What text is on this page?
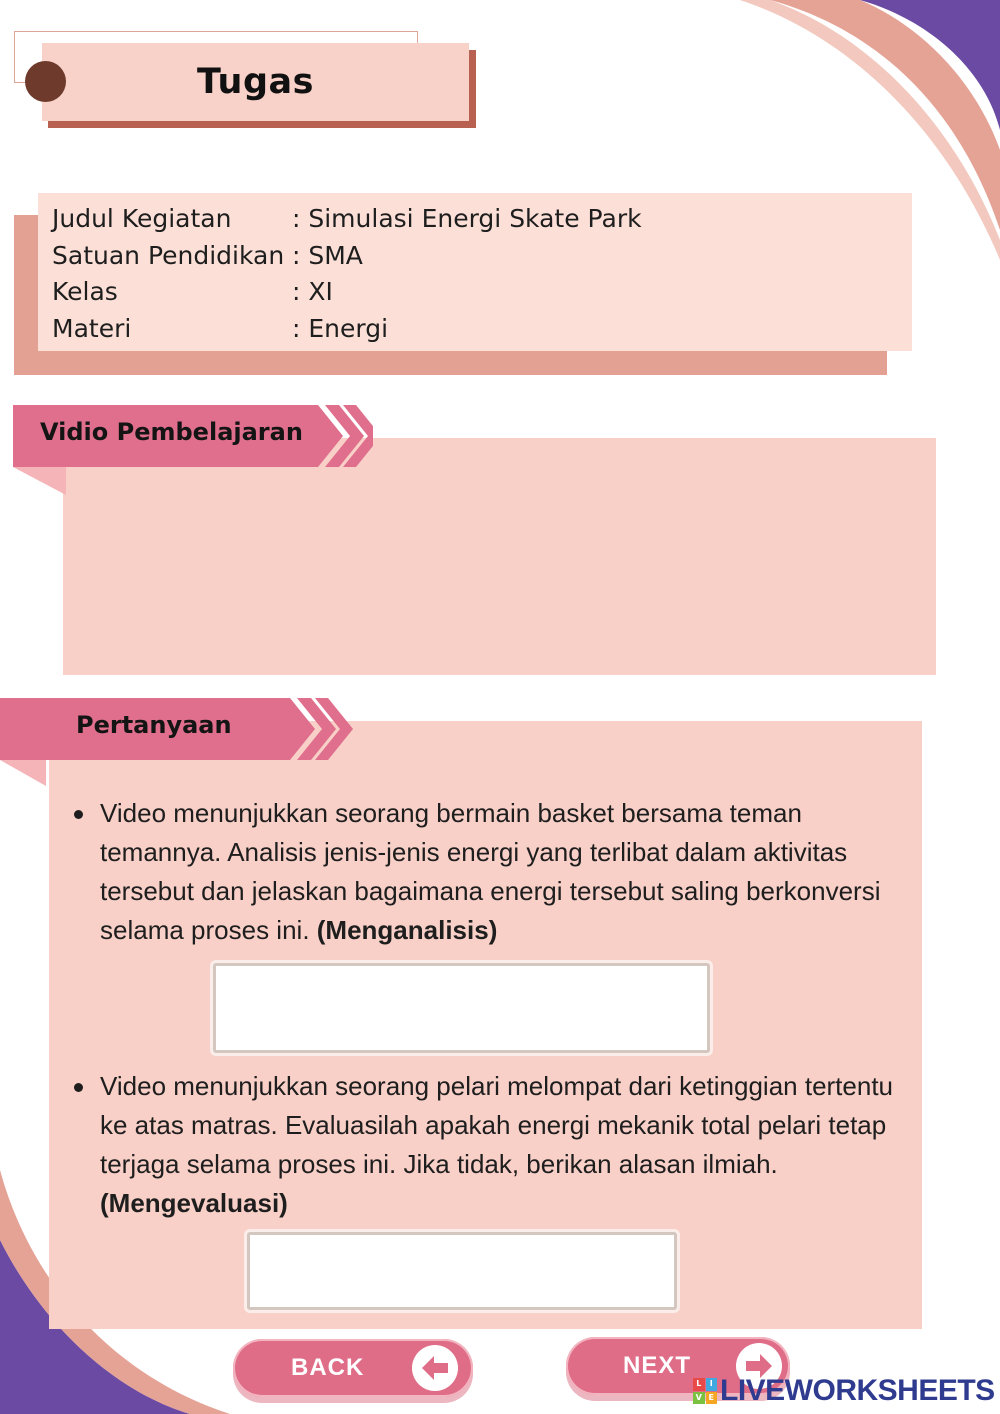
Tugas
Judul Kegiatan : Simulasi Energi Skate Park
Satuan Pendidikan : SMA
Kelas	: XI
Materi	: Energi
Vidio Pembelajaran
Pertanyaan
Video menunjukkan seorang bermain basket bersama teman temannya. Analisis jenis-jenis energi yang terlibat dalam aktivitas tersebut dan jelaskan bagaimana energi tersebut saling berkonversi selama proses ini. (Menganalisis)
Video menunjukkan seorang pelari melompat dari ketinggian tertentu ke atas matras. Evaluasilah apakah energi mekanik total pelari tetap terjaga selama proses ini. Jika tidak, berikan alasan ilmiah. (Mengevaluasi)
BACK	NEXT
L	I
V E LIVEWORKSHEETS
